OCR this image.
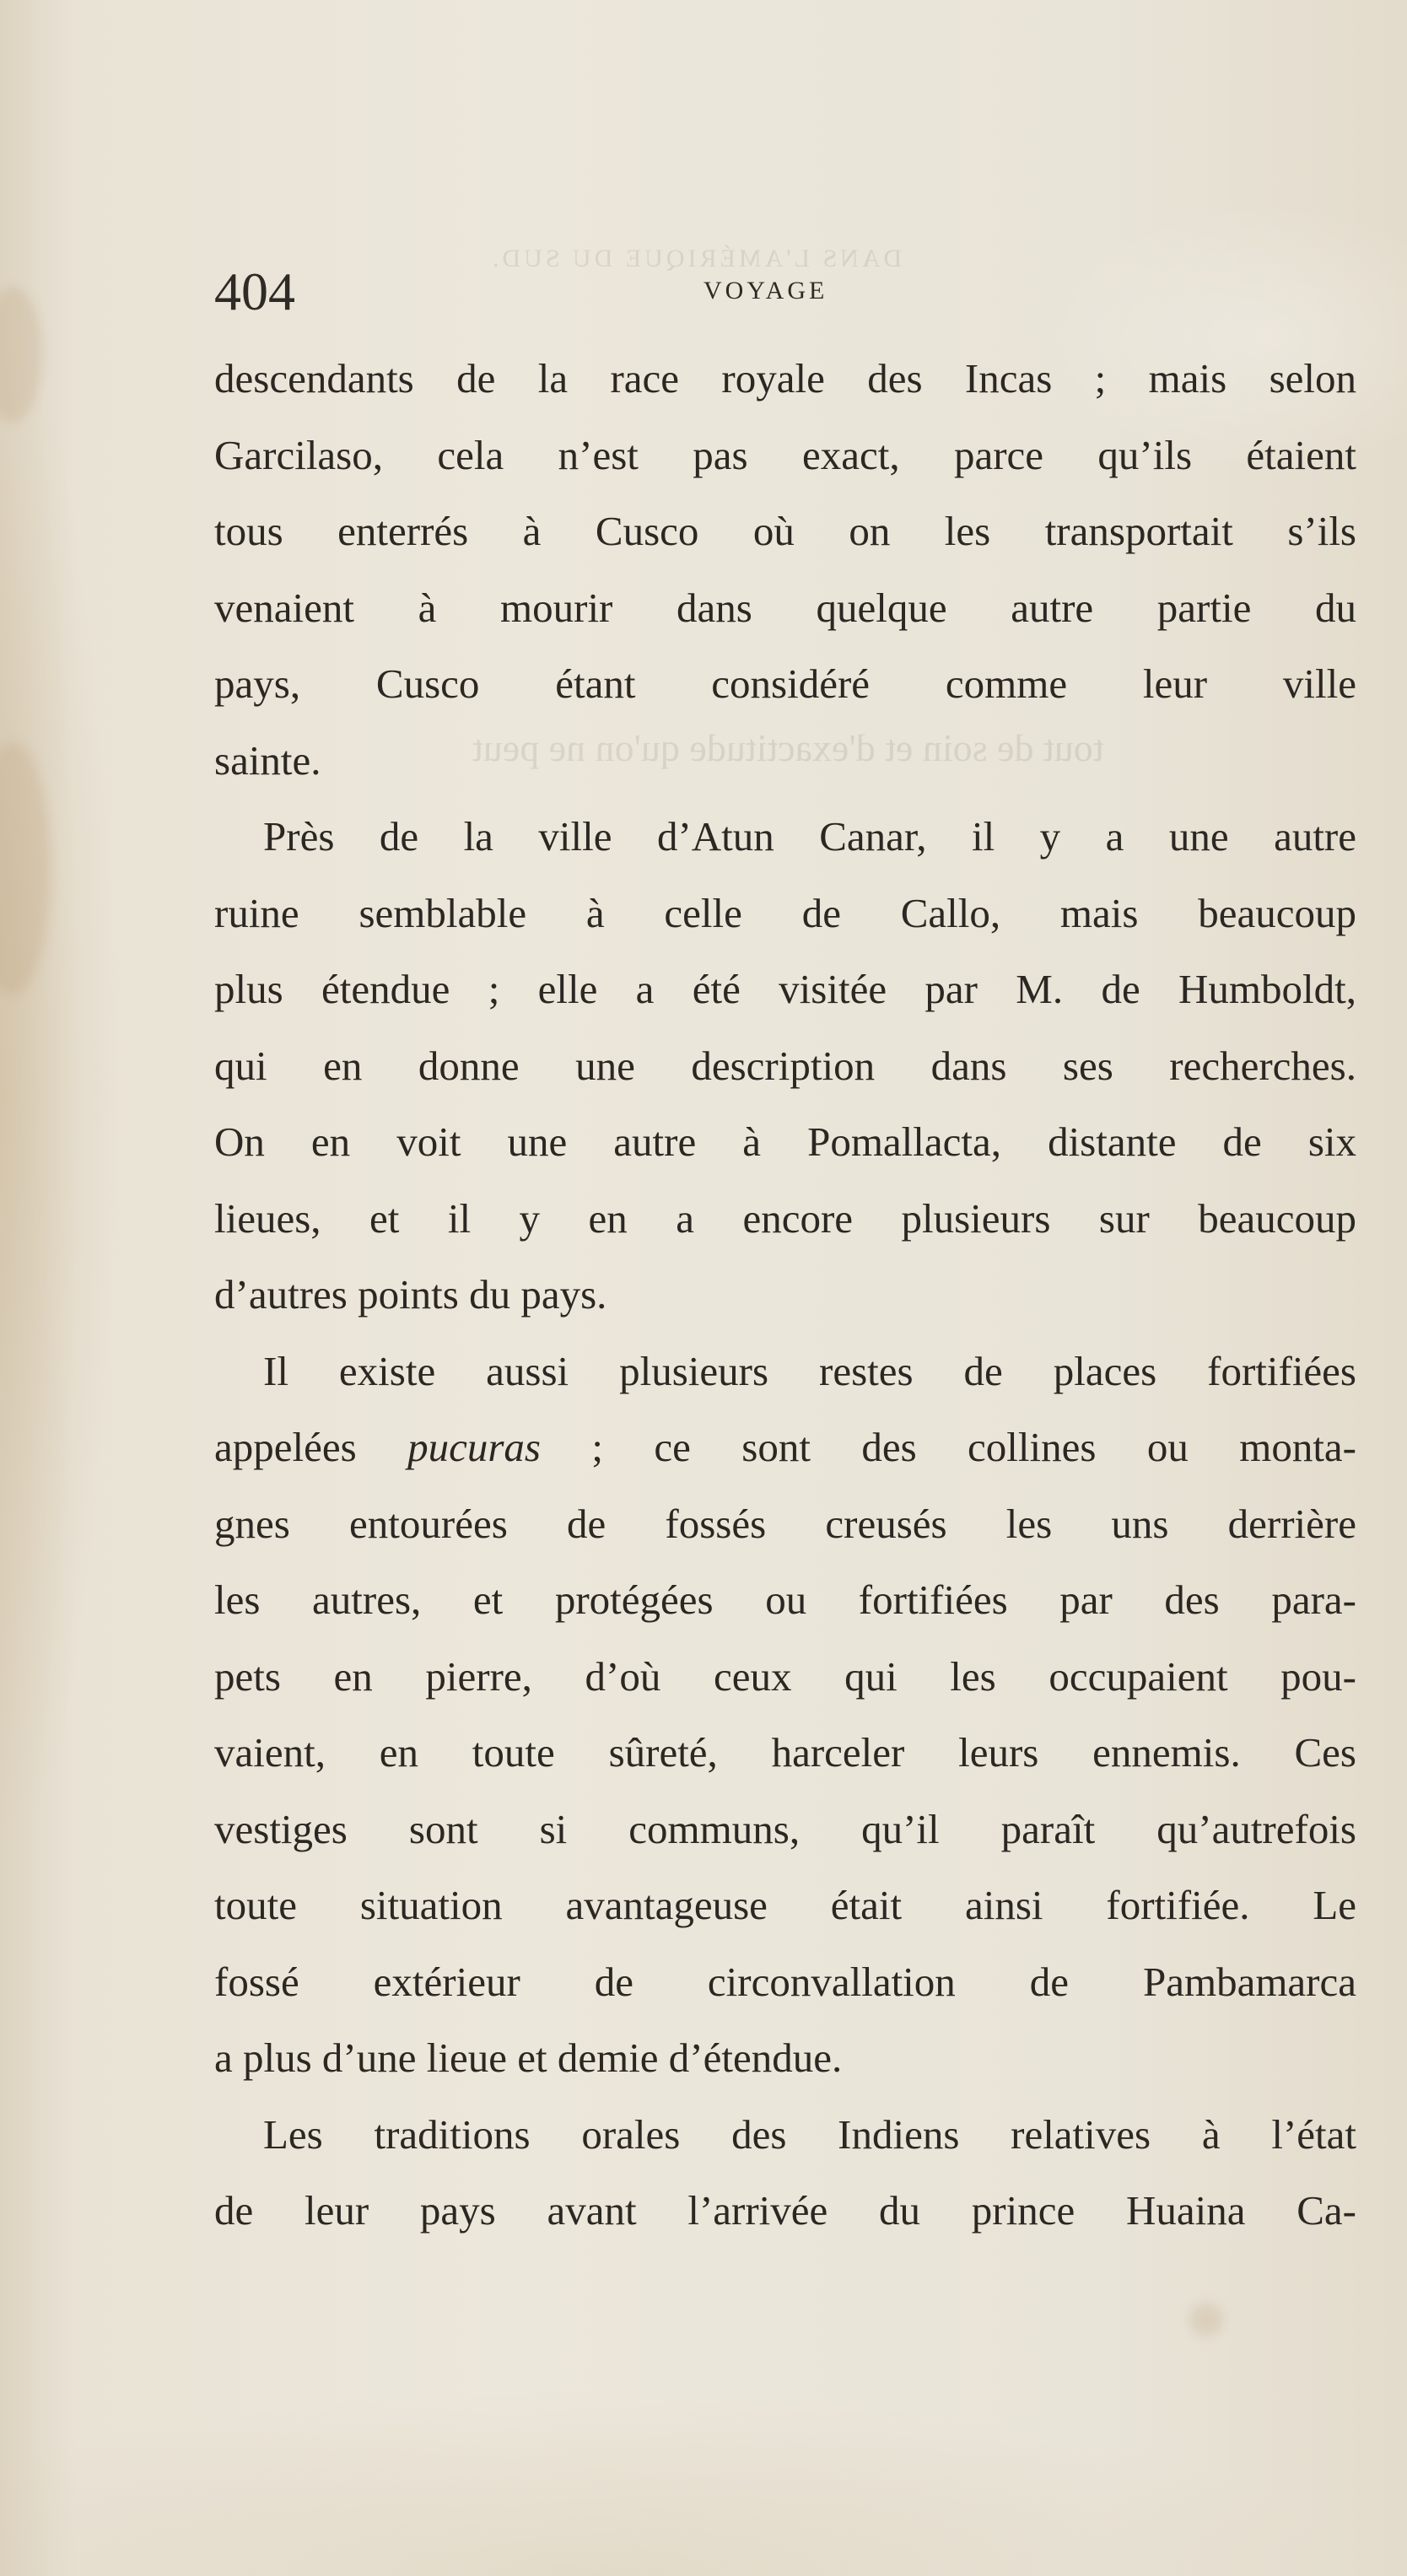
DANS L'AMÉRIQUE DU SUD.
tout de soin et d'exactitude qu'on ne peut
404	VOYAGE
descendants de la race royale des Incas ; mais selon
Garcilaso, cela n’est pas exact, parce qu’ils étaient
tous enterrés à Cusco où on les transportait s’ils
venaient à mourir dans quelque autre partie du
pays, Cusco étant considéré comme leur ville
sainte.
Près de la ville d’Atun Canar, il y a une autre
ruine semblable à celle de Callo, mais beaucoup
plus étendue ; elle a été visitée par M. de Humboldt,
qui en donne une description dans ses recherches.
On en voit une autre à Pomallacta, distante de six
lieues, et il y en a encore plusieurs sur beaucoup
d’autres points du pays.
Il existe aussi plusieurs restes de places fortifiées
appelées pucuras ; ce sont des collines ou monta-
gnes entourées de fossés creusés les uns derrière
les autres, et protégées ou fortifiées par des para-
pets en pierre, d’où ceux qui les occupaient pou-
vaient, en toute sûreté, harceler leurs ennemis. Ces
vestiges sont si communs, qu’il paraît qu’autrefois
toute situation avantageuse était ainsi fortifiée. Le
fossé extérieur de circonvallation de Pambamarca
a plus d’une lieue et demie d’étendue.
Les traditions orales des Indiens relatives à l’état
de leur pays avant l’arrivée du prince Huaina Ca-
